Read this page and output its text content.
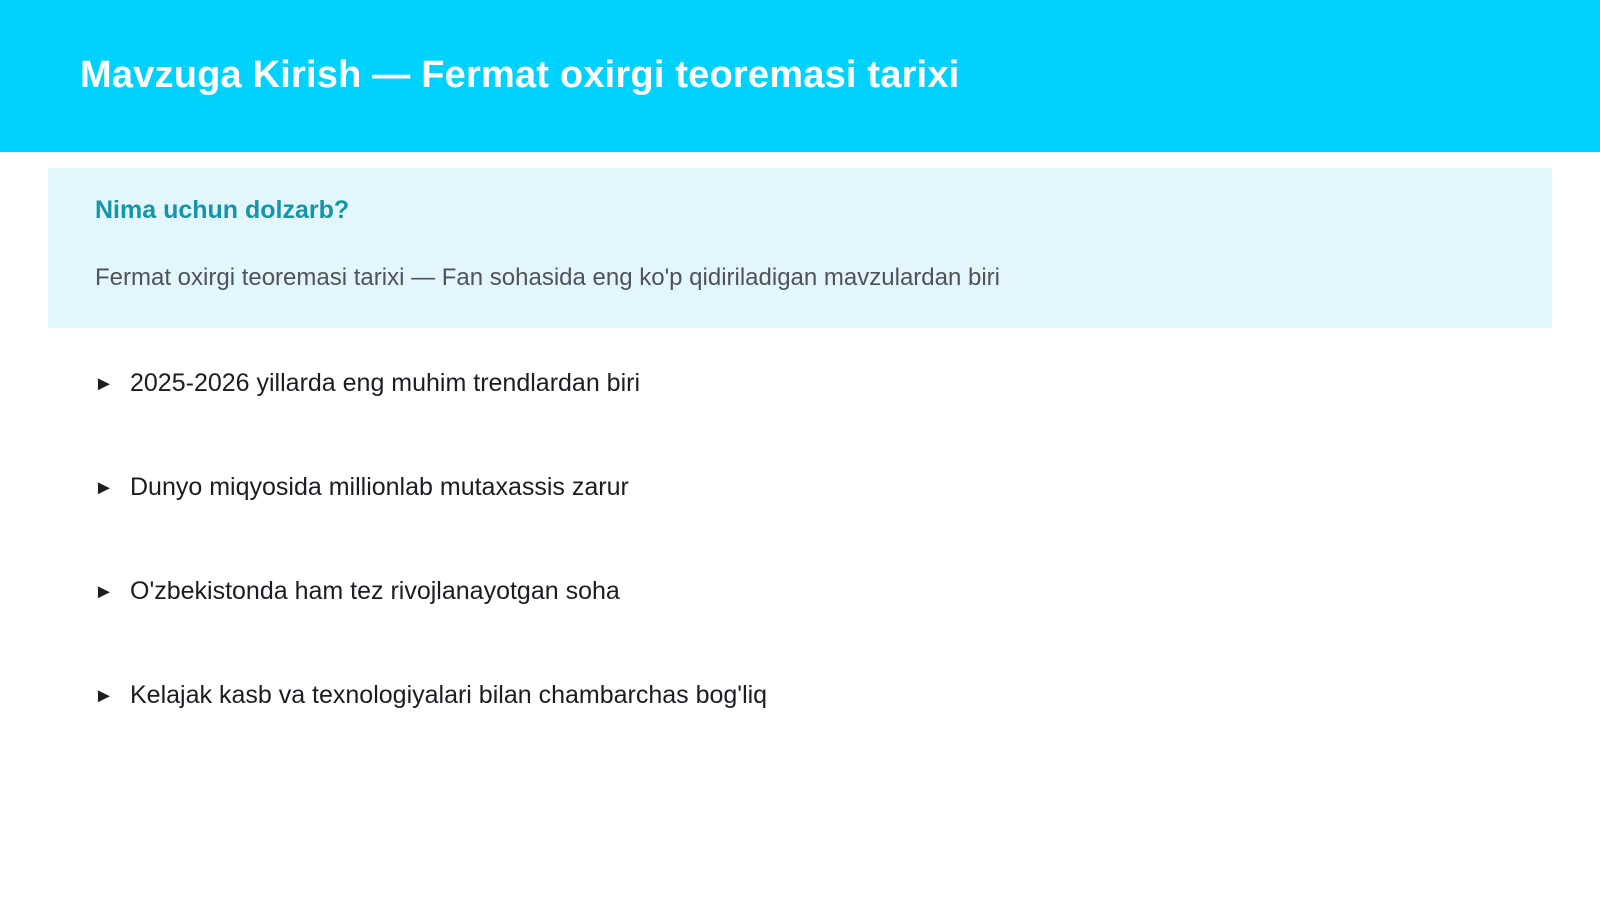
Mavzuga Kirish — Fermat oxirgi teoremasi tarixi
Nima uchun dolzarb?

Fermat oxirgi teoremasi tarixi — Fan sohasida eng ko'p qidiriladigan mavzulardan biri

► 2025-2026 yillarda eng muhim trendlardan biri
► Dunyo miqyosida millionlab mutaxassis zarur
► O'zbekistonda ham tez rivojlanayotgan soha
► Kelajak kasb va texnologiyalari bilan chambarchas bog'liq
